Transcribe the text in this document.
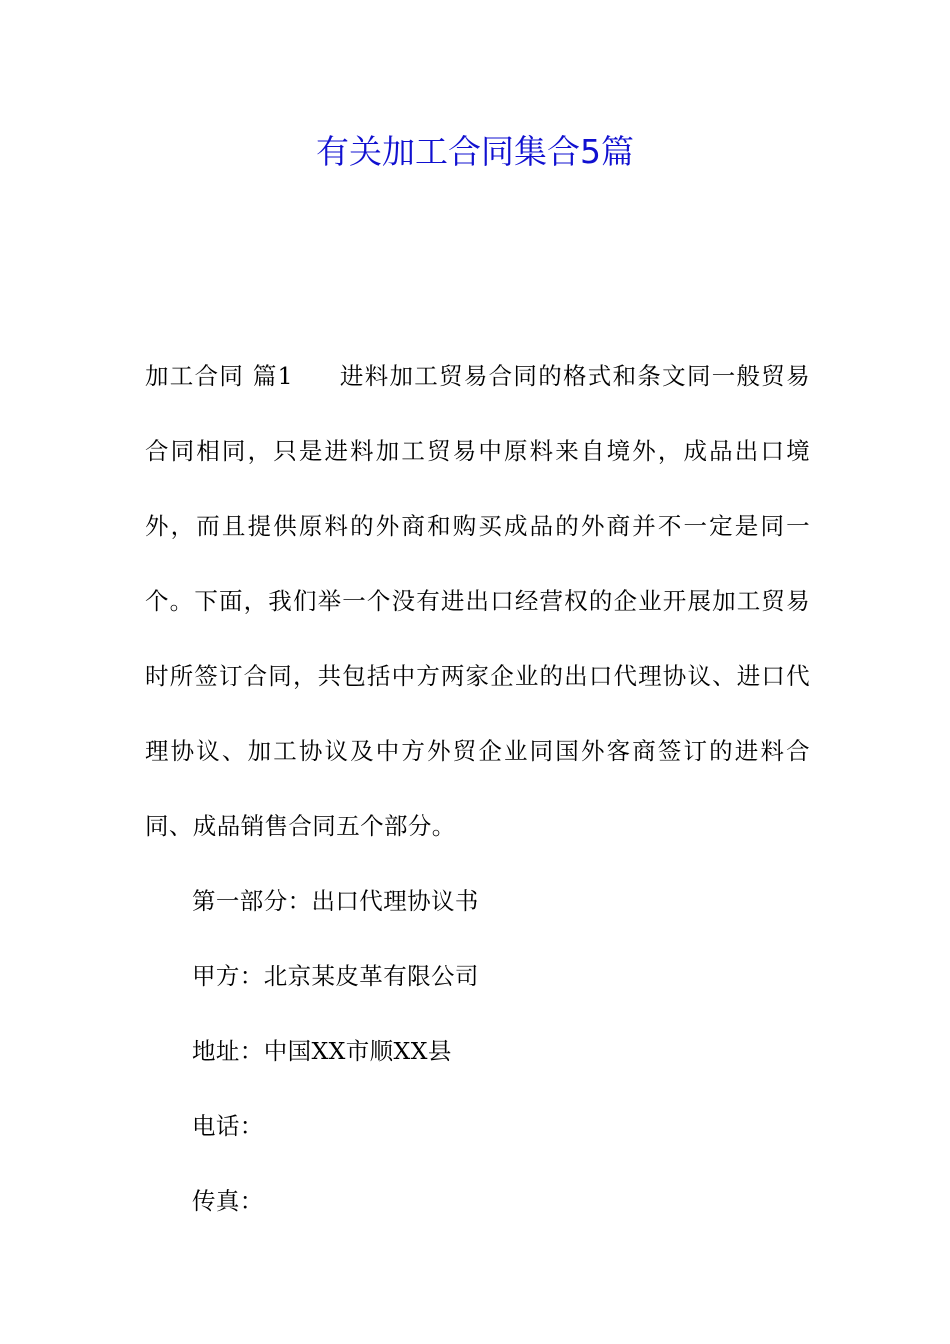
有关加工合同集合5篇

加工合同 篇1 进料加工贸易合同的格式和条文同一般贸易合同相同，只是进料加工贸易中原料来自境外，成品出口境外，而且提供原料的外商和购买成品的外商并不一定是同一个。下面，我们举一个没有进出口经营权的企业开展加工贸易时所签订合同，共包括中方两家企业的出口代理协议、进口代理协议、加工协议及中方外贸企业同国外客商签订的进料合同、成品销售合同五个部分。

第一部分：出口代理协议书

甲方：北京某皮革有限公司

地址：中国XX市顺XX县

电话：

传真：
